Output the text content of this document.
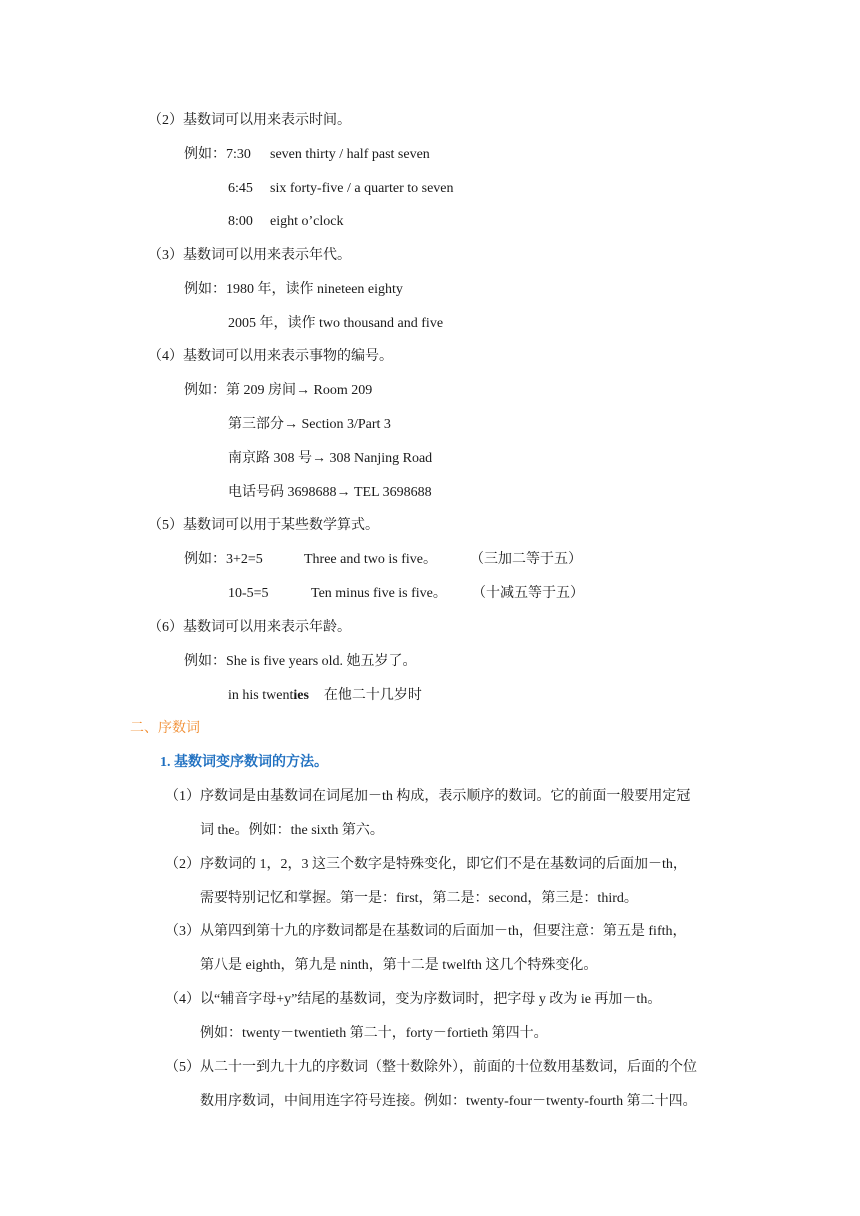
（2）基数词可以用来表示时间。
例如：7:30 seven thirty / half past seven
6:45 six forty-five / a quarter to seven
8:00 eight o’clock
（3）基数词可以用来表示年代。
例如：1980 年，读作 nineteen eighty
2005 年，读作 two thousand and five
（4）基数词可以用来表示事物的编号。
例如：第 209 房间→ Room 209
第三部分→ Section 3/Part 3
南京路 308 号→ 308 Nanjing Road
电话号码 3698688→ TEL 3698688
（5）基数词可以用于某些数学算式。
例如：3+2=5	Three and two is five。 （三加二等于五）
10-5=5	Ten minus five is five。 （十减五等于五）
（6）基数词可以用来表示年龄。
例如：She is five years old. 她五岁了。
in his twenties 在他二十几岁时
二、序数词
1. 基数词变序数词的方法。
（1）序数词是由基数词在词尾加－th 构成，表示顺序的数词。它的前面一般要用定冠
词 the。例如：the sixth 第六。
（2）序数词的 1，2，3 这三个数字是特殊变化，即它们不是在基数词的后面加－th，
需要特别记忆和掌握。第一是：first，第二是：second，第三是：third。
（3）从第四到第十九的序数词都是在基数词的后面加－th，但要注意：第五是 fifth，
第八是 eighth，第九是 ninth，第十二是 twelfth 这几个特殊变化。
（4）以“辅音字母+y”结尾的基数词，变为序数词时，把字母 y 改为 ie 再加－th。
例如：twenty－twentieth 第二十，forty－fortieth 第四十。
（5）从二十一到九十九的序数词（整十数除外），前面的十位数用基数词，后面的个位
数用序数词，中间用连字符号连接。例如：twenty-four－twenty-fourth 第二十四。
